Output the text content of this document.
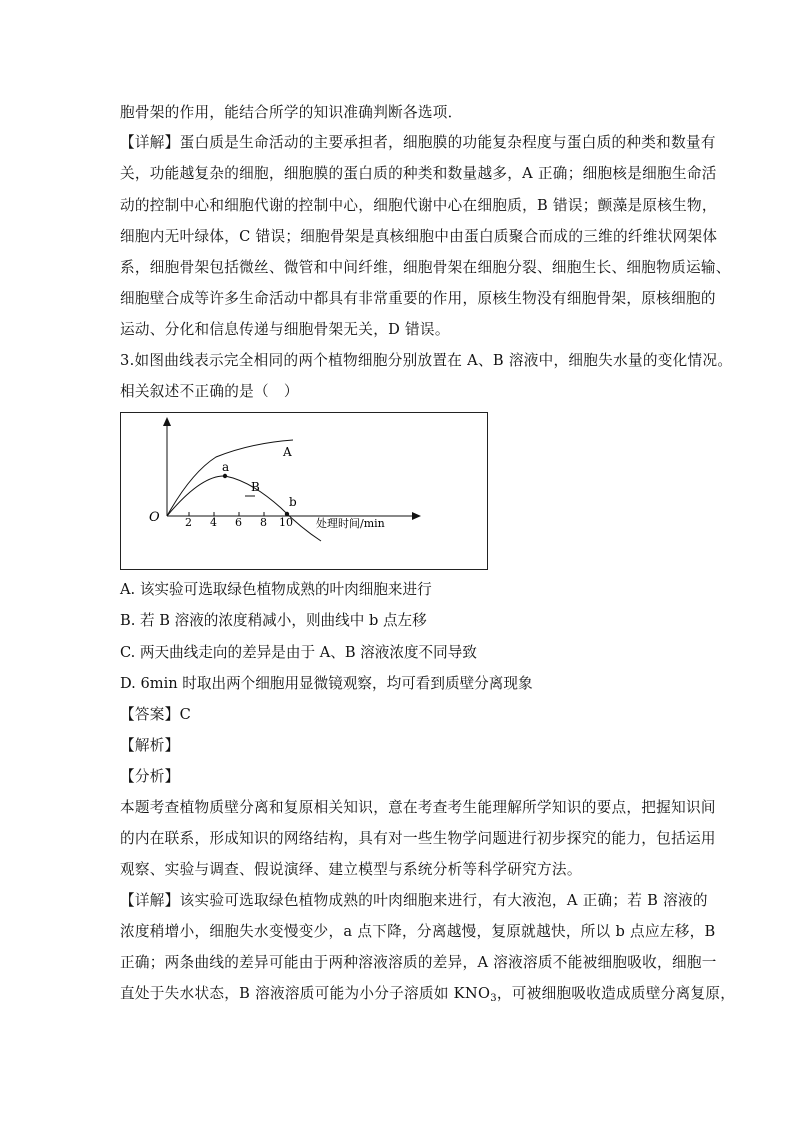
胞骨架的作用，能结合所学的知识准确判断各选项．
【详解】蛋白质是生命活动的主要承担者，细胞膜的功能复杂程度与蛋白质的种类和数量有
关，功能越复杂的细胞，细胞膜的蛋白质的种类和数量越多，A 正确；细胞核是细胞生命活
动的控制中心和细胞代谢的控制中心，细胞代谢中心在细胞质，B 错误；颤藻是原核生物，
细胞内无叶绿体，C 错误；细胞骨架是真核细胞中由蛋白质聚合而成的三维的纤维状网架体
系，细胞骨架包括微丝、微管和中间纤维，细胞骨架在细胞分裂、细胞生长、细胞物质运输、
细胞壁合成等许多生命活动中都具有非常重要的作用，原核生物没有细胞骨架，原核细胞的
运动、分化和信息传递与细胞骨架无关，D 错误。
3.如图曲线表示完全相同的两个植物细胞分别放置在 A、B 溶液中，细胞失水量的变化情况。
相关叙述不正确的是（　）
O 2 4 6 8 10 处理时间/min
A
B
a
b
A. 该实验可选取绿色植物成熟的叶肉细胞来进行
B. 若 B 溶液的浓度稍减小，则曲线中 b 点左移
C. 两天曲线走向的差异是由于 A、B 溶液浓度不同导致
D. 6min 时取出两个细胞用显微镜观察，均可看到质壁分离现象
【答案】C
【解析】
【分析】
本题考查植物质壁分离和复原相关知识，意在考查考生能理解所学知识的要点，把握知识间
的内在联系，形成知识的网络结构，具有对一些生物学问题进行初步探究的能力，包括运用
观察、实验与调查、假说演绎、建立模型与系统分析等科学研究方法。
【详解】该实验可选取绿色植物成熟的叶肉细胞来进行，有大液泡，A 正确；若 B 溶液的
浓度稍增小，细胞失水变慢变少，a 点下降，分离越慢，复原就越快，所以 b 点应左移，B
正确；两条曲线的差异可能由于两种溶液溶质的差异，A 溶液溶质不能被细胞吸收，细胞一
直处于失水状态，B 溶液溶质可能为小分子溶质如 $KNO_3$，可被细胞吸收造成质壁分离复原，
